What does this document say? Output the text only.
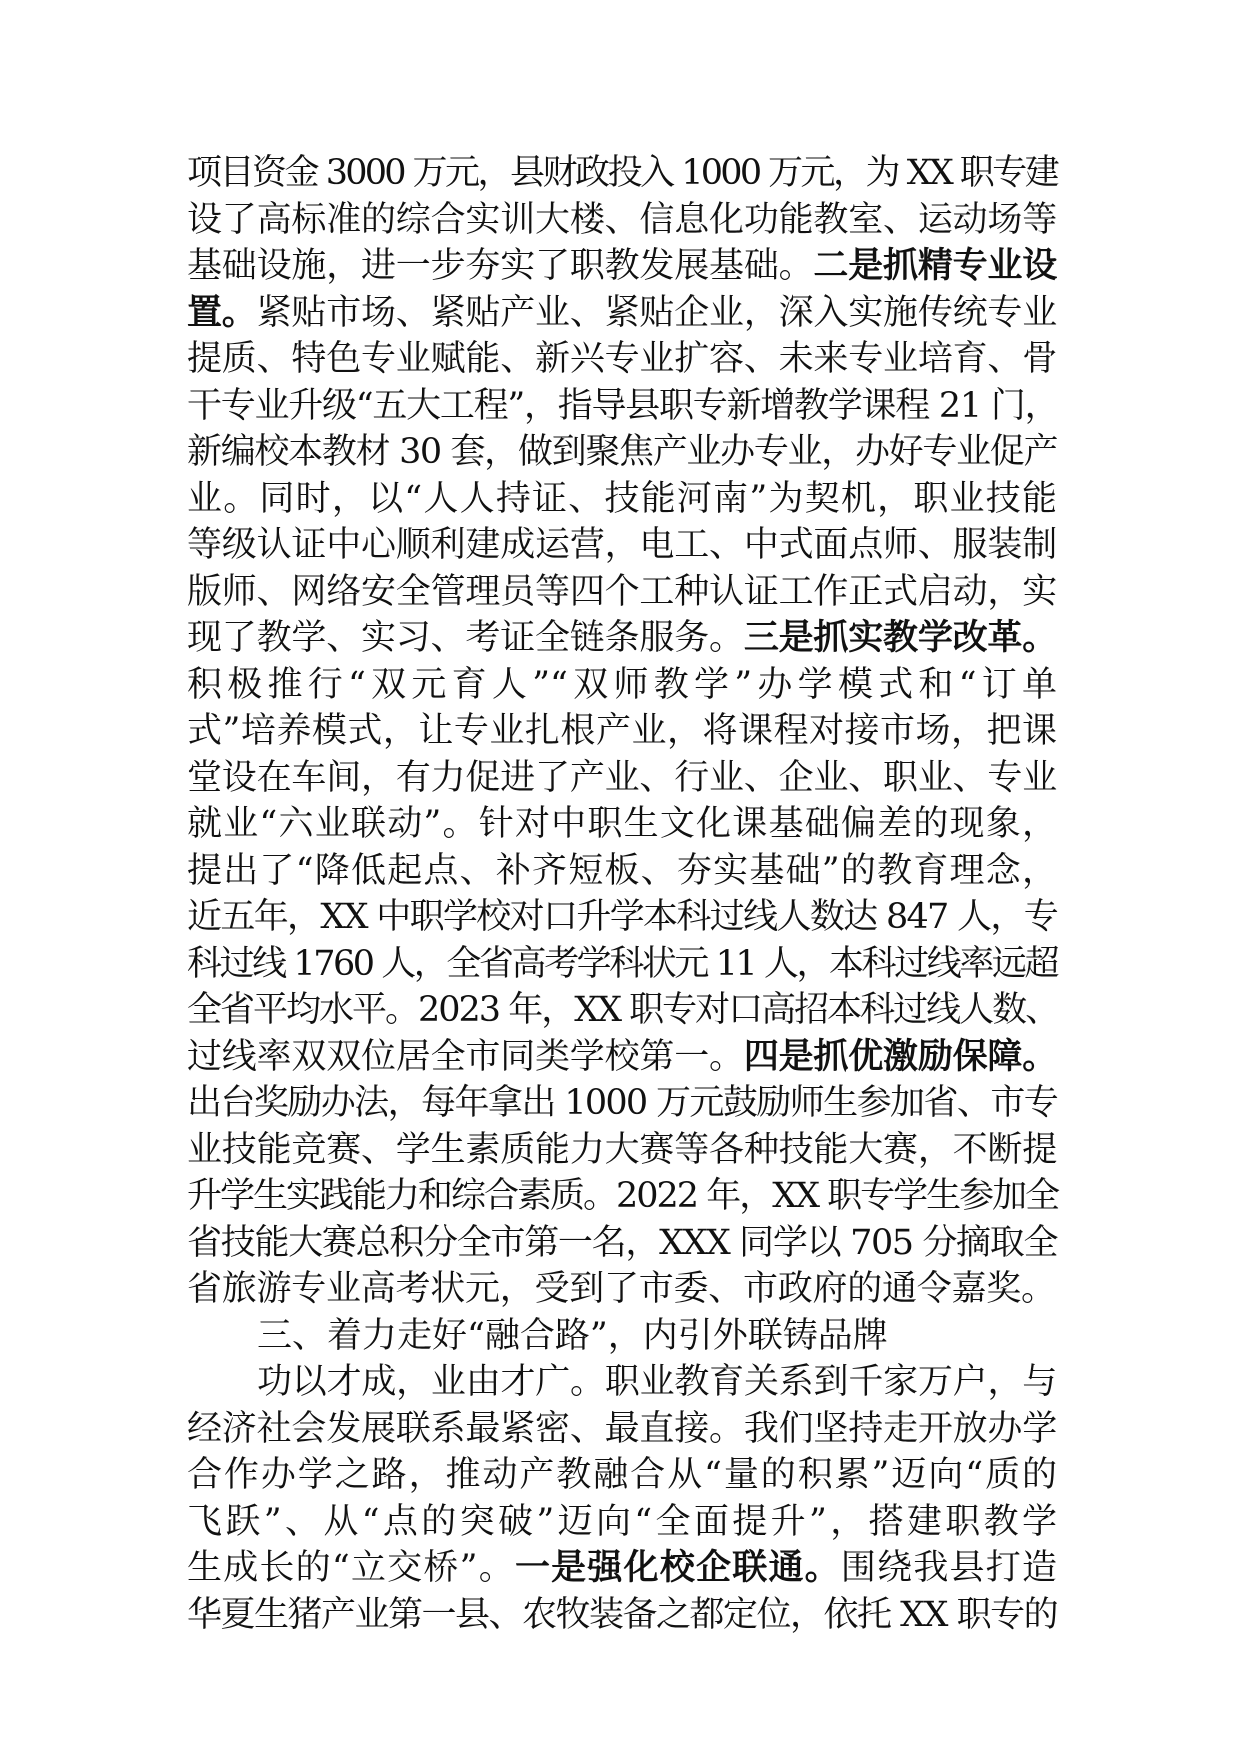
项目资金 3000 万元，县财政投入 1000 万元，为 XX 职专建
设了高标准的综合实训大楼、信息化功能教室、运动场等
基础设施，进一步夯实了职教发展基础。二是抓精专业设
置。紧贴市场、紧贴产业、紧贴企业，深入实施传统专业
提质、特色专业赋能、新兴专业扩容、未来专业培育、骨
干专业升级“五大工程”，指导县职专新增教学课程 21 门，
新编校本教材 30 套，做到聚焦产业办专业，办好专业促产
业。同时，以“人人持证、技能河南”为契机，职业技能
等级认证中心顺利建成运营，电工、中式面点师、服装制
版师、网络安全管理员等四个工种认证工作正式启动，实
现了教学、实习、考证全链条服务。三是抓实教学改革。
积极推行“双元育人”“双师教学”办学模式和“订单
式”培养模式，让专业扎根产业，将课程对接市场，把课
堂设在车间，有力促进了产业、行业、企业、职业、专业
就业“六业联动”。针对中职生文化课基础偏差的现象，
提出了“降低起点、补齐短板、夯实基础”的教育理念，
近五年，XX 中职学校对口升学本科过线人数达 847 人，专
科过线 1760 人，全省高考学科状元 11 人，本科过线率远超
全省平均水平。2023 年，XX 职专对口高招本科过线人数、
过线率双双位居全市同类学校第一。四是抓优激励保障。
出台奖励办法，每年拿出 1000 万元鼓励师生参加省、市专
业技能竞赛、学生素质能力大赛等各种技能大赛，不断提
升学生实践能力和综合素质。2022 年，XX 职专学生参加全
省技能大赛总积分全市第一名，XXX 同学以 705 分摘取全
省旅游专业高考状元，受到了市委、市政府的通令嘉奖。
三、着力走好“融合路”，内引外联铸品牌
功以才成，业由才广。职业教育关系到千家万户，与
经济社会发展联系最紧密、最直接。我们坚持走开放办学
合作办学之路，推动产教融合从“量的积累”迈向“质的
飞跃”、从“点的突破”迈向“全面提升”，搭建职教学
生成长的“立交桥”。一是强化校企联通。围绕我县打造
华夏生猪产业第一县、农牧装备之都定位，依托 XX 职专的
